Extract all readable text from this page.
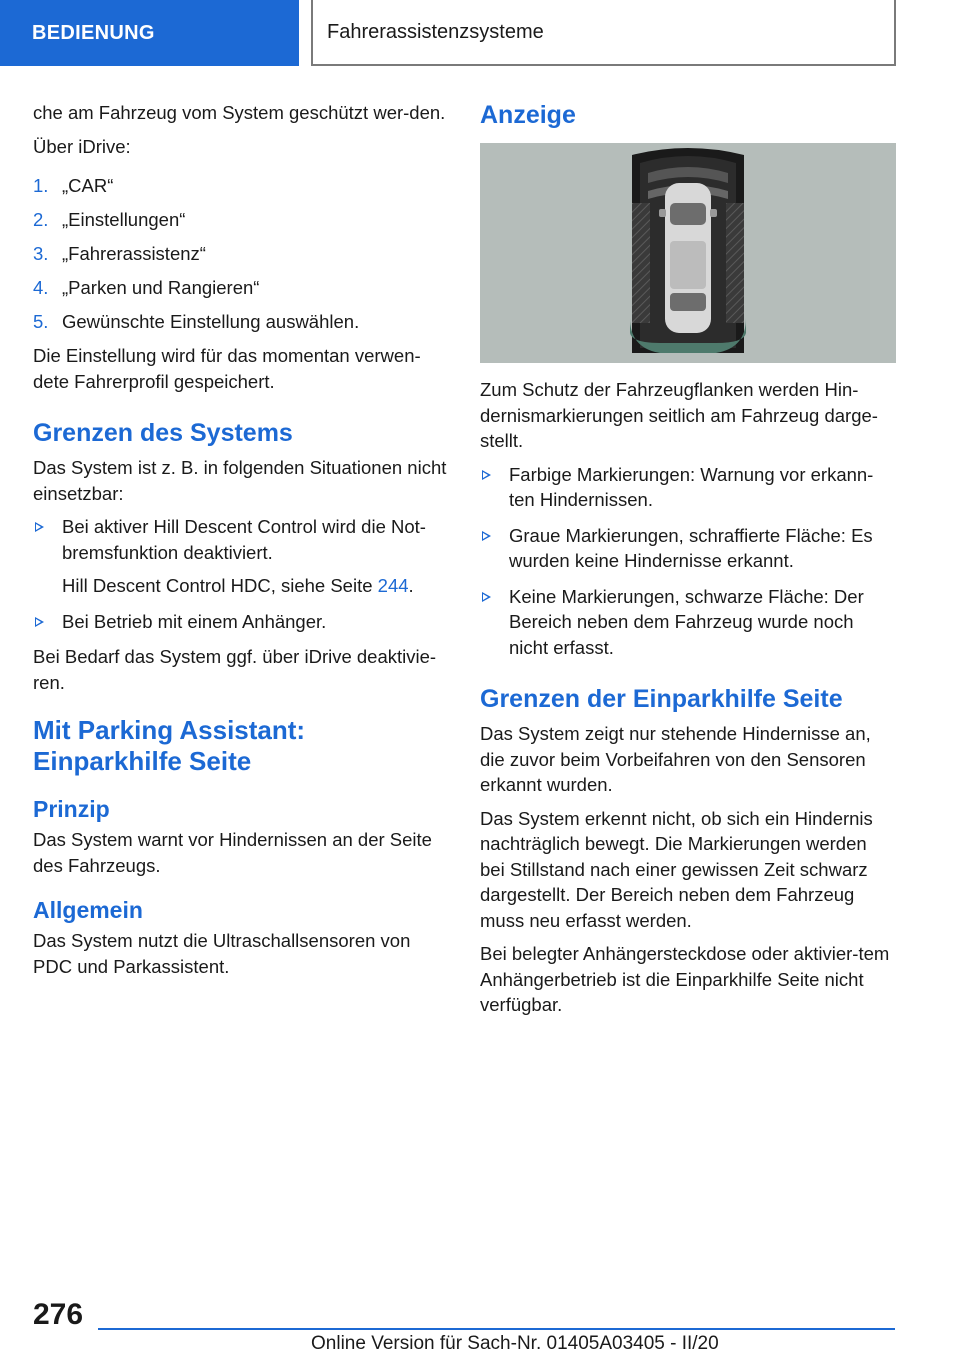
BEDIENUNG	Fahrerassistenzsysteme

che am Fahrzeug vom System geschützt wer-den.

Über iDrive:

1. „CAR“
2. „Einstellungen“
3. „Fahrerassistenz“
4. „Parken und Rangieren“
5. Gewünschte Einstellung auswählen.

Die Einstellung wird für das momentan verwen-dete Fahrerprofil gespeichert.

Grenzen des Systems

Das System ist z. B. in folgenden Situationen nicht einsetzbar:

Bei aktiver Hill Descent Control wird die Not-bremsfunktion deaktiviert.
Hill Descent Control HDC, siehe Seite 244.
Bei Betrieb mit einem Anhänger.

Bei Bedarf das System ggf. über iDrive deaktivie-ren.

Mit Parking Assistant:
Einparkhilfe Seite
Prinzip

Das System warnt vor Hindernissen an der Seite des Fahrzeugs.

Allgemein

Das System nutzt die Ultraschallsensoren von PDC und Parkassistent.

Anzeige

Zum Schutz der Fahrzeugflanken werden Hin-dernismarkierungen seitlich am Fahrzeug darge-stellt.

Farbige Markierungen: Warnung vor erkann-ten Hindernissen.
Graue Markierungen, schraffierte Fläche: Es wurden keine Hindernisse erkannt.
Keine Markierungen, schwarze Fläche: Der Bereich neben dem Fahrzeug wurde noch nicht erfasst.
Grenzen der Einparkhilfe Seite

Das System zeigt nur stehende Hindernisse an, die zuvor beim Vorbeifahren von den Sensoren erkannt wurden.

Das System erkennt nicht, ob sich ein Hindernis nachträglich bewegt. Die Markierungen werden bei Stillstand nach einer gewissen Zeit schwarz dargestellt. Der Bereich neben dem Fahrzeug muss neu erfasst werden.

Bei belegter Anhängersteckdose oder aktivier-tem Anhängerbetrieb ist die Einparkhilfe Seite nicht verfügbar.

276
Online Version für Sach-Nr. 01405A03405 - II/20
